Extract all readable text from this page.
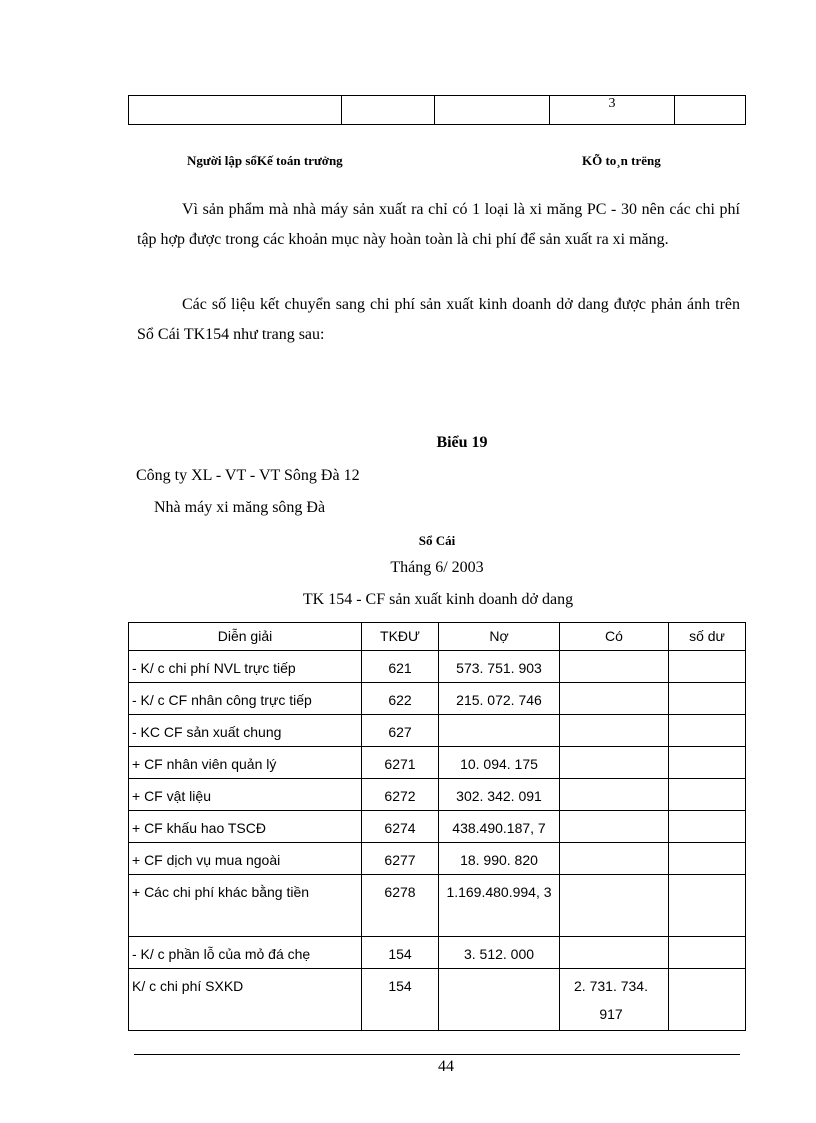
			3	
Người lập sổKế toán trưởng	KÕ to¸n trëng
Vì sản phẩm mà nhà máy sản xuất ra chỉ có 1 loại là xi măng PC - 30 nên các chi phí tập hợp được trong các khoản mục này hoàn toàn là chi phí để sản xuất ra xi măng.
Các số liệu kết chuyển sang chi phí sản xuất kinh doanh dở dang được phản ánh trên Sổ Cái TK154 như trang sau:
Biểu 19
Công ty XL - VT - VT Sông Đà 12
Nhà máy xi măng sông Đà
Sổ Cái
Tháng 6/ 2003
TK 154 - CF sản xuất kinh doanh dở dang
Diễn giải	TKĐƯ	Nợ	Có	số dư
- K/ c chi phí NVL trực tiếp	621	573. 751. 903		
- K/ c CF nhân công trực tiếp	622	215. 072. 746		
- KC CF sản xuất chung	627			
+ CF nhân viên quản lý	6271	10. 094. 175		
+ CF vật liệu	6272	302. 342. 091		
+ CF khấu hao TSCĐ	6274	438.490.187, 7		
+ CF dịch vụ mua ngoài	6277	18. 990. 820		
+ Các chi phí khác bằng tiền	6278	1.169.480.994, 3		
- K/ c phần lỗ của mỏ đá chẹ	154	3. 512. 000		
K/ c chi phí SXKD	154		2. 731. 734. 917	
44
